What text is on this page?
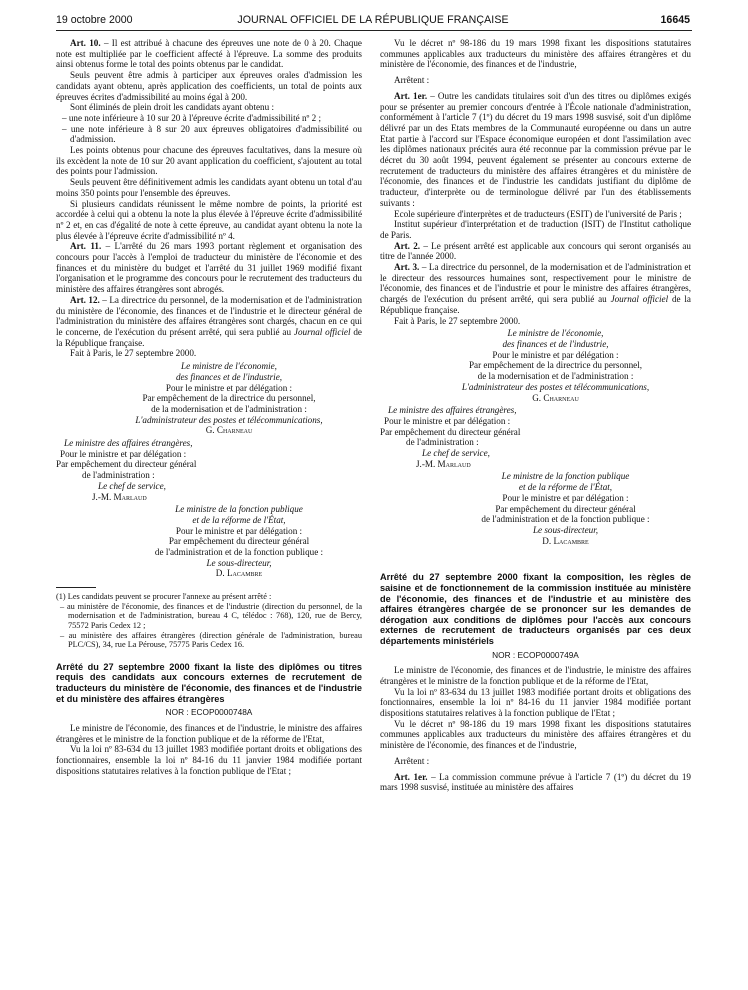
19 octobre 2000	JOURNAL OFFICIEL DE LA RÉPUBLIQUE FRANÇAISE	16645

Art. 10. – Il est attribué à chacune des épreuves une note de 0 à 20. Chaque note est multipliée par le coefficient affecté à l'épreuve. La somme des produits ainsi obtenus forme le total des points obtenus par le candidat.

Seuls peuvent être admis à participer aux épreuves orales d'admission les candidats ayant obtenu, après application des coefficients, un total de points aux épreuves écrites d'admissibilité au moins égal à 200.

Sont éliminés de plein droit les candidats ayant obtenu :

– une note inférieure à 10 sur 20 à l'épreuve écrite d'admissibilité nº 2 ;

– une note inférieure à 8 sur 20 aux épreuves obligatoires d'admissibilité ou d'admission.

Les points obtenus pour chacune des épreuves facultatives, dans la mesure où ils excèdent la note de 10 sur 20 avant application du coefficient, s'ajoutent au total des points pour l'admission.

Seuls peuvent être définitivement admis les candidats ayant obtenu un total d'au moins 350 points pour l'ensemble des épreuves.

Si plusieurs candidats réunissent le même nombre de points, la priorité est accordée à celui qui a obtenu la note la plus élevée à l'épreuve écrite d'admissibilité nº 2 et, en cas d'égalité de note à cette épreuve, au candidat ayant obtenu la note la plus élevée à l'épreuve écrite d'admissibilité nº 4.

Art. 11. – L'arrêté du 26 mars 1993 portant règlement et organisation des concours pour l'accès à l'emploi de traducteur du ministère de l'économie et des finances et du ministère du budget et l'arrêté du 31 juillet 1969 modifié fixant l'organisation et le programme des concours pour le recrutement des traducteurs du ministère des affaires étrangères sont abrogés.

Art. 12. – La directrice du personnel, de la modernisation et de l'administration du ministère de l'économie, des finances et de l'industrie et le directeur général de l'administration du ministère des affaires étrangères sont chargés, chacun en ce qui le concerne, de l'exécution du présent arrêté, qui sera publié au Journal officiel de la République française.

Fait à Paris, le 27 septembre 2000.

Le ministre de l'économie,
des finances et de l'industrie,
Pour le ministre et par délégation :
Par empêchement de la directrice du personnel,
de la modernisation et de l'administration :
L'administrateur des postes et télécommunications,
G. Charneau
Le ministre des affaires étrangères,
Pour le ministre et par délégation :
Par empêchement du directeur général
de l'administration :
Le chef de service,
J.-M. Marlaud
Le ministre de la fonction publique
et de la réforme de l'État,
Pour le ministre et par délégation :
Par empêchement du directeur général
de l'administration et de la fonction publique :
Le sous-directeur,
D. Lacambre

(1) Les candidats peuvent se procurer l'annexe au présent arrêté :

– au ministère de l'économie, des finances et de l'industrie (direction du personnel, de la modernisation et de l'administration, bureau 4 C, télédoc : 768), 120, rue de Bercy, 75572 Paris Cedex 12 ;

– au ministère des affaires étrangères (direction générale de l'administration, bureau PLC/CS), 34, rue La Pérouse, 75775 Paris Cedex 16.

Arrêté du 27 septembre 2000 fixant la liste des diplômes ou titres requis des candidats aux concours externes de recrutement de traducteurs du ministère de l'économie, des finances et de l'industrie et du ministère des affaires étrangères

NOR : ECOP0000748A

Le ministre de l'économie, des finances et de l'industrie, le ministre des affaires étrangères et le ministre de la fonction publique et de la réforme de l'Etat,

Vu la loi nº 83-634 du 13 juillet 1983 modifiée portant droits et obligations des fonctionnaires, ensemble la loi nº 84-16 du 11 janvier 1984 modifiée portant dispositions statutaires relatives à la fonction publique de l'Etat ;

Vu le décret nº 98-186 du 19 mars 1998 fixant les dispositions statutaires communes applicables aux traducteurs du ministère des affaires étrangères et du ministère de l'économie, des finances et de l'industrie,

Arrêtent :

Art. 1er. – Outre les candidats titulaires soit d'un des titres ou diplômes exigés pour se présenter au premier concours d'entrée à l'École nationale d'administration, conformément à l'article 7 (1º) du décret du 19 mars 1998 susvisé, soit d'un diplôme délivré par un des Etats membres de la Communauté européenne ou dans un autre Etat partie à l'accord sur l'Espace économique européen et dont l'assimilation avec les diplômes nationaux précités aura été reconnue par la commission prévue par le décret du 30 août 1994, peuvent également se présenter au concours externe de recrutement de traducteurs du ministère des affaires étrangères et du ministère de l'économie, des finances et de l'industrie les candidats justifiant du diplôme de traducteur, d'interprète ou de terminologue délivré par l'un des établissements suivants :

Ecole supérieure d'interprètes et de traducteurs (ESIT) de l'université de Paris ;

Institut supérieur d'interprétation et de traduction (ISIT) de l'Institut catholique de Paris.

Art. 2. – Le présent arrêté est applicable aux concours qui seront organisés au titre de l'année 2000.

Art. 3. – La directrice du personnel, de la modernisation et de l'administration et le directeur des ressources humaines sont, respectivement pour le ministre de l'économie, des finances et de l'industrie et pour le ministre des affaires étrangères, chargés de l'exécution du présent arrêté, qui sera publié au Journal officiel de la République française.

Fait à Paris, le 27 septembre 2000.

Le ministre de l'économie,
des finances et de l'industrie,
Pour le ministre et par délégation :
Par empêchement de la directrice du personnel,
de la modernisation et de l'administration :
L'administrateur des postes et télécommunications,
G. Charneau
Le ministre des affaires étrangères,
Pour le ministre et par délégation :
Par empêchement du directeur général
de l'administration :
Le chef de service,
J.-M. Marlaud
Le ministre de la fonction publique
et de la réforme de l'État,
Pour le ministre et par délégation :
Par empêchement du directeur général
de l'administration et de la fonction publique :
Le sous-directeur,
D. Lacambre

Arrêté du 27 septembre 2000 fixant la composition, les règles de saisine et de fonctionnement de la commission instituée au ministère de l'économie, des finances et de l'industrie et au ministère des affaires étrangères chargée de se prononcer sur les demandes de dérogation aux conditions de diplômes pour l'accès aux concours externes de recrutement de traducteurs organisés par ces deux départements ministériels

NOR : ECOP0000749A

Le ministre de l'économie, des finances et de l'industrie, le ministre des affaires étrangères et le ministre de la fonction publique et de la réforme de l'Etat,

Vu la loi nº 83-634 du 13 juillet 1983 modifiée portant droits et obligations des fonctionnaires, ensemble la loi nº 84-16 du 11 janvier 1984 modifiée portant dispositions statutaires relatives à la fonction publique de l'Etat ;

Vu le décret nº 98-186 du 19 mars 1998 fixant les dispositions statutaires communes applicables aux traducteurs du ministère des affaires étrangères et du ministère de l'économie, des finances et de l'industrie,

Arrêtent :

Art. 1er. – La commission commune prévue à l'article 7 (1º) du décret du 19 mars 1998 susvisé, instituée au ministère des affaires
